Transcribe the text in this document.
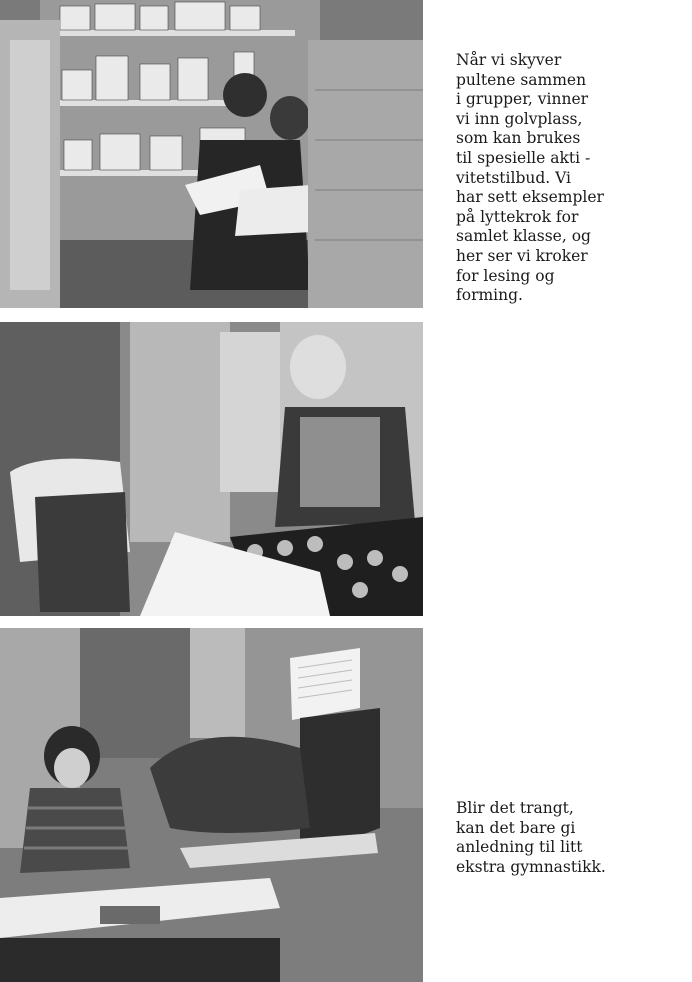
Når vi skyver
pultene sammen
i grupper, vinner
vi inn golvplass,
som kan brukes
til spesielle akti -
vitetstilbud. Vi
har sett eksempler
på lyttekrok for
samlet klasse, og
her ser vi kroker
for lesing og
forming.

Blir det trangt,
kan det bare gi
anledning til litt
ekstra gymnastikk.
